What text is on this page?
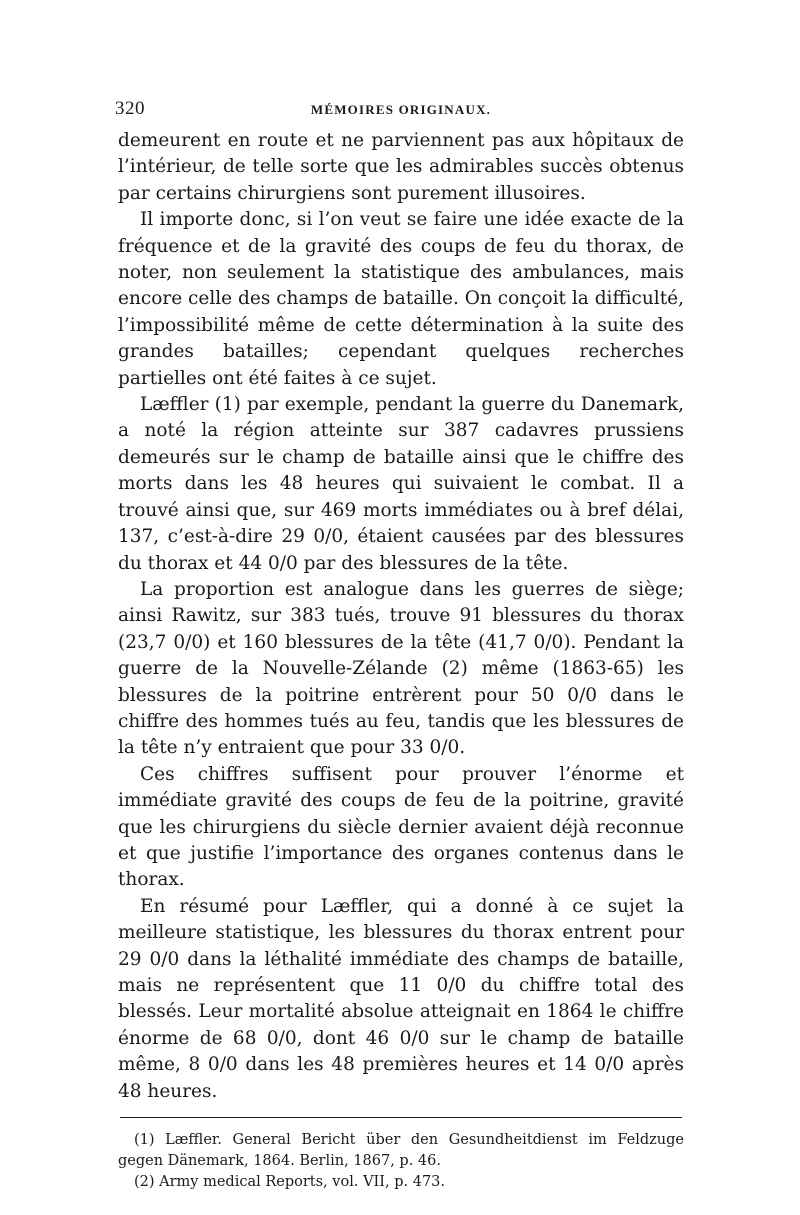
320	MÉMOIRES ORIGINAUX.

demeurent en route et ne parviennent pas aux hôpitaux de l’intérieur, de telle sorte que les admirables succès obtenus par certains chirurgiens sont purement illusoires.

Il importe donc, si l’on veut se faire une idée exacte de la fréquence et de la gravité des coups de feu du thorax, de noter, non seulement la statistique des ambulances, mais encore celle des champs de bataille. On conçoit la difficulté, l’impossibilité même de cette détermination à la suite des grandes batailles; cependant quelques recherches partielles ont été faites à ce sujet.

Læffler (1) par exemple, pendant la guerre du Danemark, a noté la région atteinte sur 387 cadavres prussiens demeurés sur le champ de bataille ainsi que le chiffre des morts dans les 48 heures qui suivaient le combat. Il a trouvé ainsi que, sur 469 morts immédiates ou à bref délai, 137, c’est-à-dire 29 0/0, étaient causées par des blessures du thorax et 44 0/0 par des blessures de la tête.

La proportion est analogue dans les guerres de siège; ainsi Rawitz, sur 383 tués, trouve 91 blessures du thorax (23,7 0/0) et 160 blessures de la tête (41,7 0/0). Pendant la guerre de la Nouvelle-Zélande (2) même (1863-65) les blessures de la poitrine entrèrent pour 50 0/0 dans le chiffre des hommes tués au feu, tandis que les blessures de la tête n’y entraient que pour 33 0/0.

Ces chiffres suffisent pour prouver l’énorme et immédiate gravité des coups de feu de la poitrine, gravité que les chirurgiens du siècle dernier avaient déjà reconnue et que justifie l’importance des organes contenus dans le thorax.

En résumé pour Læffler, qui a donné à ce sujet la meilleure statistique, les blessures du thorax entrent pour 29 0/0 dans la léthalité immédiate des champs de bataille, mais ne représentent que 11 0/0 du chiffre total des blessés. Leur mortalité absolue atteignait en 1864 le chiffre énorme de 68 0/0, dont 46 0/0 sur le champ de bataille même, 8 0/0 dans les 48 premières heures et 14 0/0 après 48 heures.

(1) Læffler. General Bericht über den Gesundheitdienst im Feldzuge gegen Dänemark, 1864. Berlin, 1867, p. 46.

(2) Army medical Reports, vol. VII, p. 473.
